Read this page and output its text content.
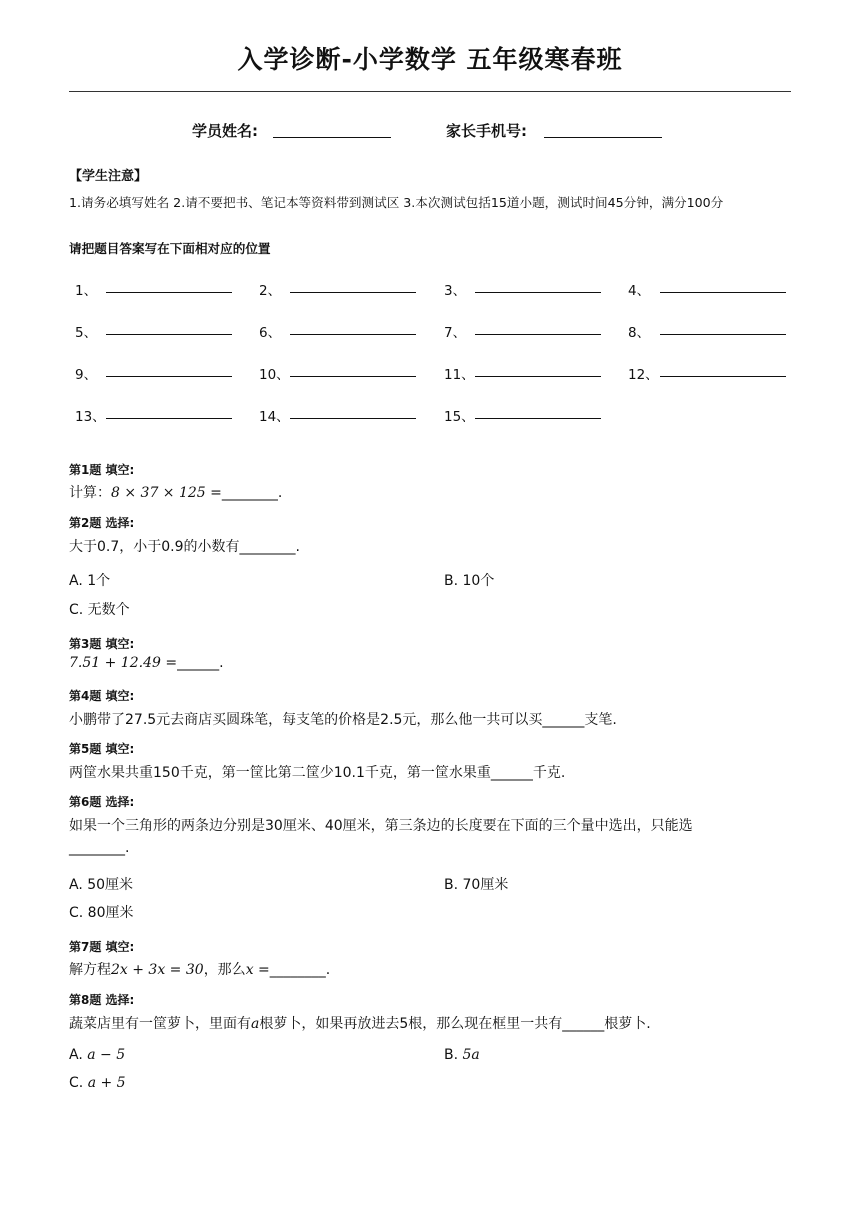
入学诊断-小学数学 五年级寒春班
学员姓名:	家长手机号:
【学生注意】
1.请务必填写姓名 2.请不要把书、笔记本等资料带到测试区 3.本次测试包括15道小题，测试时间45分钟，满分100分
请把题目答案写在下面相对应的位置
1、	2、	3、	4、
5、	6、	7、	8、
9、	10、	11、	12、
13、	14、	15、
第1题 填空:
计算：8 × 37 × 125 =________.
第2题 选择:
大于0.7，小于0.9的小数有________.
A. 1个	B. 10个
C. 无数个
第3题 填空:
7.51 + 12.49 =______.
第4题 填空:
小鹏带了27.5元去商店买圆珠笔，每支笔的价格是2.5元，那么他一共可以买______支笔.
第5题 填空:
两筐水果共重150千克，第一筐比第二筐少10.1千克，第一筐水果重______千克.
第6题 选择:
如果一个三角形的两条边分别是30厘米、40厘米，第三条边的长度要在下面的三个量中选出，只能选
________.
A. 50厘米	B. 70厘米
C. 80厘米
第7题 填空:
解方程2x + 3x = 30，那么x =________.
第8题 选择:
蔬菜店里有一筐萝卜，里面有a根萝卜，如果再放进去5根，那么现在框里一共有______根萝卜.
A. a − 5	B. 5a
C. a + 5
